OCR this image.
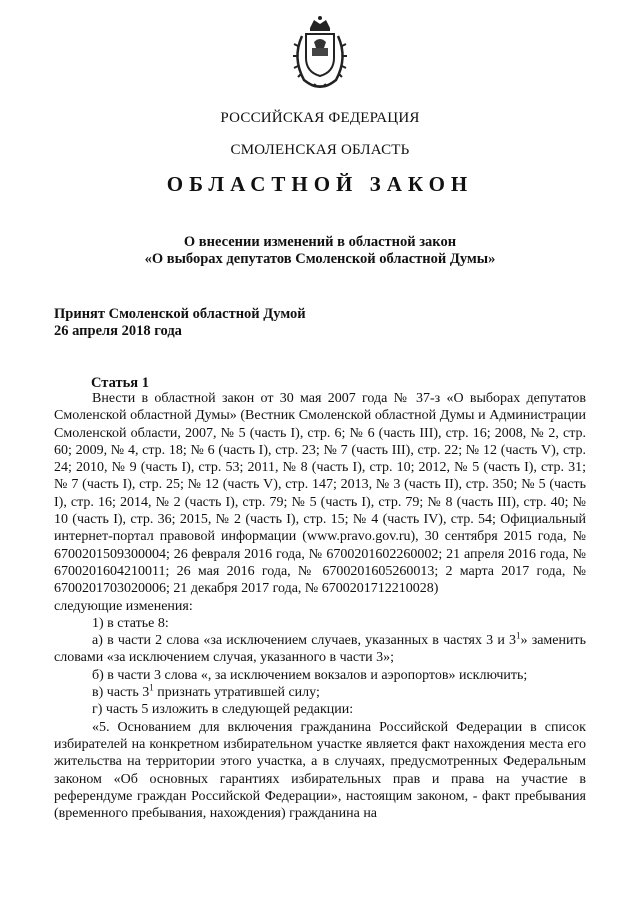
РОССИЙСКАЯ ФЕДЕРАЦИЯ
СМОЛЕНСКАЯ ОБЛАСТЬ
ОБЛАСТНОЙ ЗАКОН
О внесении изменений в областной закон
«О выборах депутатов Смоленской областной Думы»
Принят Смоленской областной Думой
26 апреля 2018 года
Статья 1

Внести в областной закон от 30 мая 2007 года № 37-з «О выборах депутатов Смоленской областной Думы» (Вестник Смоленской областной Думы и Администрации Смоленской области, 2007, № 5 (часть I), стр. 6; № 6 (часть III), стр. 16; 2008, № 2, стр. 60; 2009, № 4, стр. 18; № 6 (часть I), стр. 23; № 7 (часть III), стр. 22; № 12 (часть V), стр. 24; 2010, № 9 (часть I), стр. 53; 2011, № 8 (часть I), стр. 10; 2012, № 5 (часть I), стр. 31; № 7 (часть I), стр. 25; № 12 (часть V), стр. 147; 2013, № 3 (часть II), стр. 350; № 5 (часть I), стр. 16; 2014, № 2 (часть I), стр. 79; № 5 (часть I), стр. 79; № 8 (часть III), стр. 40; № 10 (часть I), стр. 36; 2015, № 2 (часть I), стр. 15; № 4 (часть IV), стр. 54; Официальный интернет-портал правовой информации (www.pravo.gov.ru), 30 сентября 2015 года, № 6700201509300004; 26 февраля 2016 года, № 6700201602260002; 21 апреля 2016 года, № 6700201604210011; 26 мая 2016 года, № 6700201605260013; 2 марта 2017 года, № 6700201703020006; 21 декабря 2017 года, № 6700201712210028)

следующие изменения:

1) в статье 8:

а) в части 2 слова «за исключением случаев, указанных в частях 3 и $3^1$» заменить словами «за исключением случая, указанного в части 3»;

б) в части 3 слова «, за исключением вокзалов и аэропортов» исключить;

в) часть $3^1$ признать утратившей силу;

г) часть 5 изложить в следующей редакции:

«5. Основанием для включения гражданина Российской Федерации в список избирателей на конкретном избирательном участке является факт нахождения места его жительства на территории этого участка, а в случаях, предусмотренных Федеральным законом «Об основных гарантиях избирательных прав и права на участие в референдуме граждан Российской Федерации», настоящим законом, - факт пребывания (временного пребывания, нахождения) гражданина на
